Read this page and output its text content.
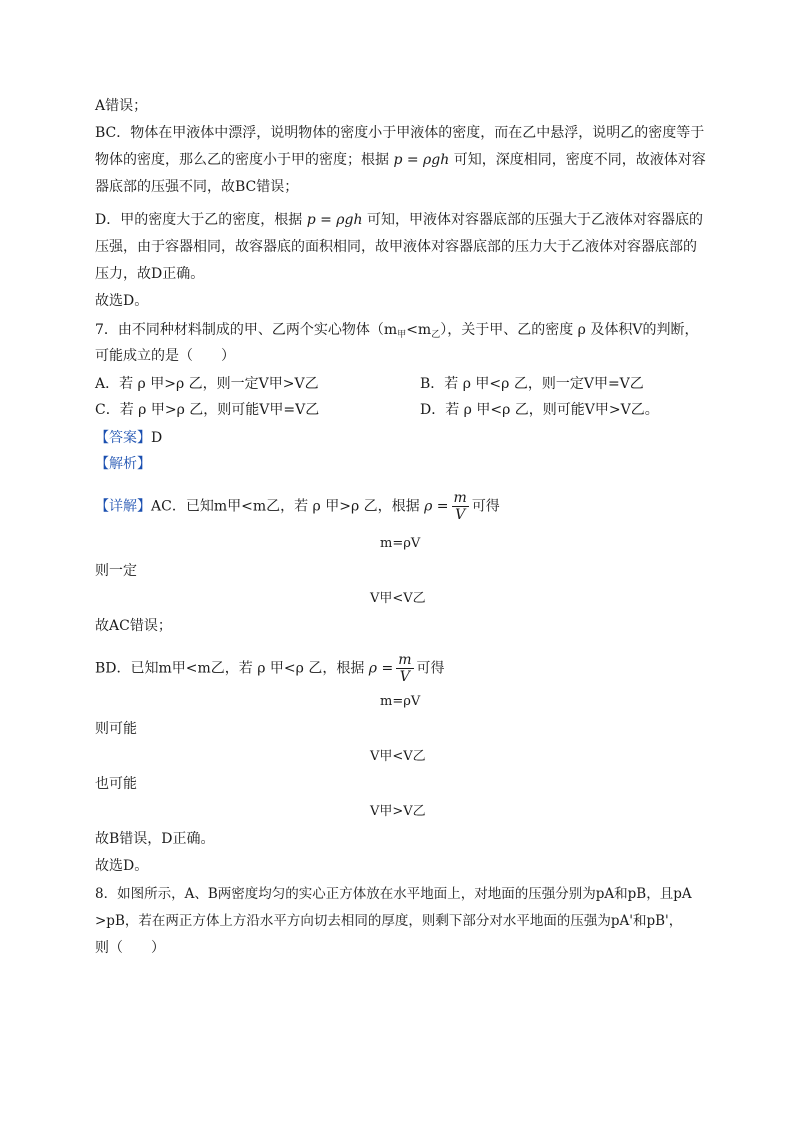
A错误；
BC．物体在甲液体中漂浮，说明物体的密度小于甲液体的密度，而在乙中悬浮，说明乙的密度等于
物体的密度，那么乙的密度小于甲的密度；根据 p = ρgh 可知，深度相同，密度不同，故液体对容
器底部的压强不同，故BC错误；
D．甲的密度大于乙的密度，根据 p = ρgh 可知，甲液体对容器底部的压强大于乙液体对容器底的
压强，由于容器相同，故容器底的面积相同，故甲液体对容器底部的压力大于乙液体对容器底部的
压力，故D正确。
故选D。
7．由不同种材料制成的甲、乙两个实心物体$(m_甲<m_乙)$，关于甲、乙的密度 ρ 及体积V的判断，
可能成立的是（　　）
A．若 ρ 甲>ρ 乙，则一定V甲>V乙	B．若 ρ 甲<ρ 乙，则一定V甲=V乙
C．若 ρ 甲>ρ 乙，则可能V甲=V乙	D．若 ρ 甲<ρ 乙，则可能V甲>V乙。
【答案】D
【解析】
【详解】AC．已知m甲<m乙，若 ρ 甲>ρ 乙，根据 $\rho = \frac{m}{V}$ 可得
m=ρV
则一定
V甲<V乙
故AC错误；
BD．已知m甲<m乙，若 ρ 甲<ρ 乙，根据 $\rho = \frac{m}{V}$ 可得
m=ρV
则可能
V甲<V乙
也可能
V甲>V乙
故B错误，D正确。
故选D。
8．如图所示，A、B两密度均匀的实心正方体放在水平地面上，对地面的压强分别为pA和pB，且pA
>pB，若在两正方体上方沿水平方向切去相同的厚度，则剩下部分对水平地面的压强为pA'和pB'，
则（　　）
